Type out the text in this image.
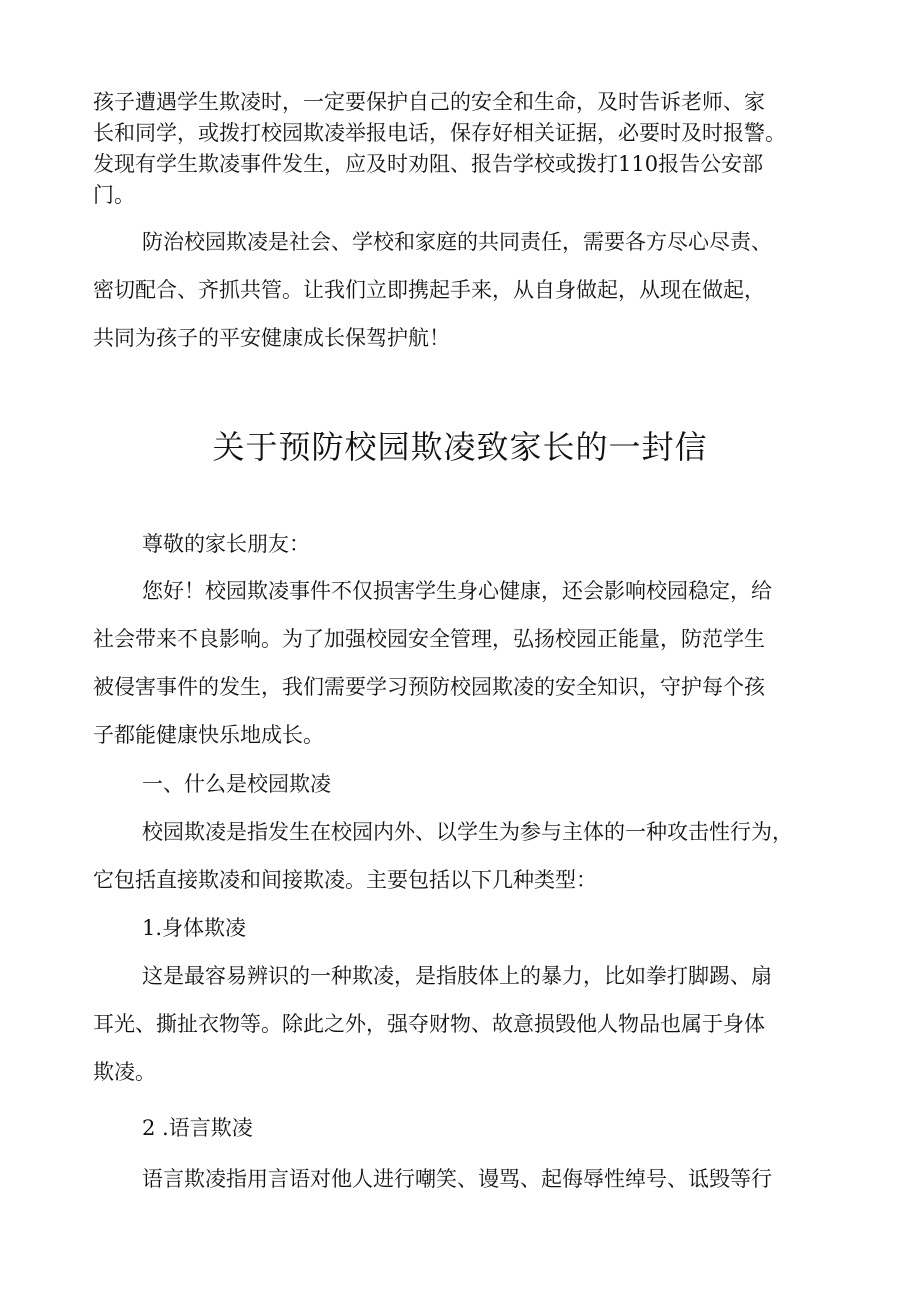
孩子遭遇学生欺凌时，一定要保护自己的安全和生命，及时告诉老师、家

长和同学，或拨打校园欺凌举报电话，保存好相关证据，必要时及时报警。

发现有学生欺凌事件发生，应及时劝阻、报告学校或拨打110报告公安部

门。

防治校园欺凌是社会、学校和家庭的共同责任，需要各方尽心尽责、

密切配合、齐抓共管。让我们立即携起手来，从自身做起，从现在做起，

共同为孩子的平安健康成长保驾护航！

关于预防校园欺凌致家长的一封信

尊敬的家长朋友：

您好！校园欺凌事件不仅损害学生身心健康，还会影响校园稳定，给

社会带来不良影响。为了加强校园安全管理，弘扬校园正能量，防范学生

被侵害事件的发生，我们需要学习预防校园欺凌的安全知识，守护每个孩

子都能健康快乐地成长。

一、什么是校园欺凌

校园欺凌是指发生在校园内外、以学生为参与主体的一种攻击性行为，

它包括直接欺凌和间接欺凌。主要包括以下几种类型：

1.身体欺凌

这是最容易辨识的一种欺凌，是指肢体上的暴力，比如拳打脚踢、扇

耳光、撕扯衣物等。除此之外，强夺财物、故意损毁他人物品也属于身体

欺凌。

2 .语言欺凌

语言欺凌指用言语对他人进行嘲笑、谩骂、起侮辱性绰号、诋毁等行
